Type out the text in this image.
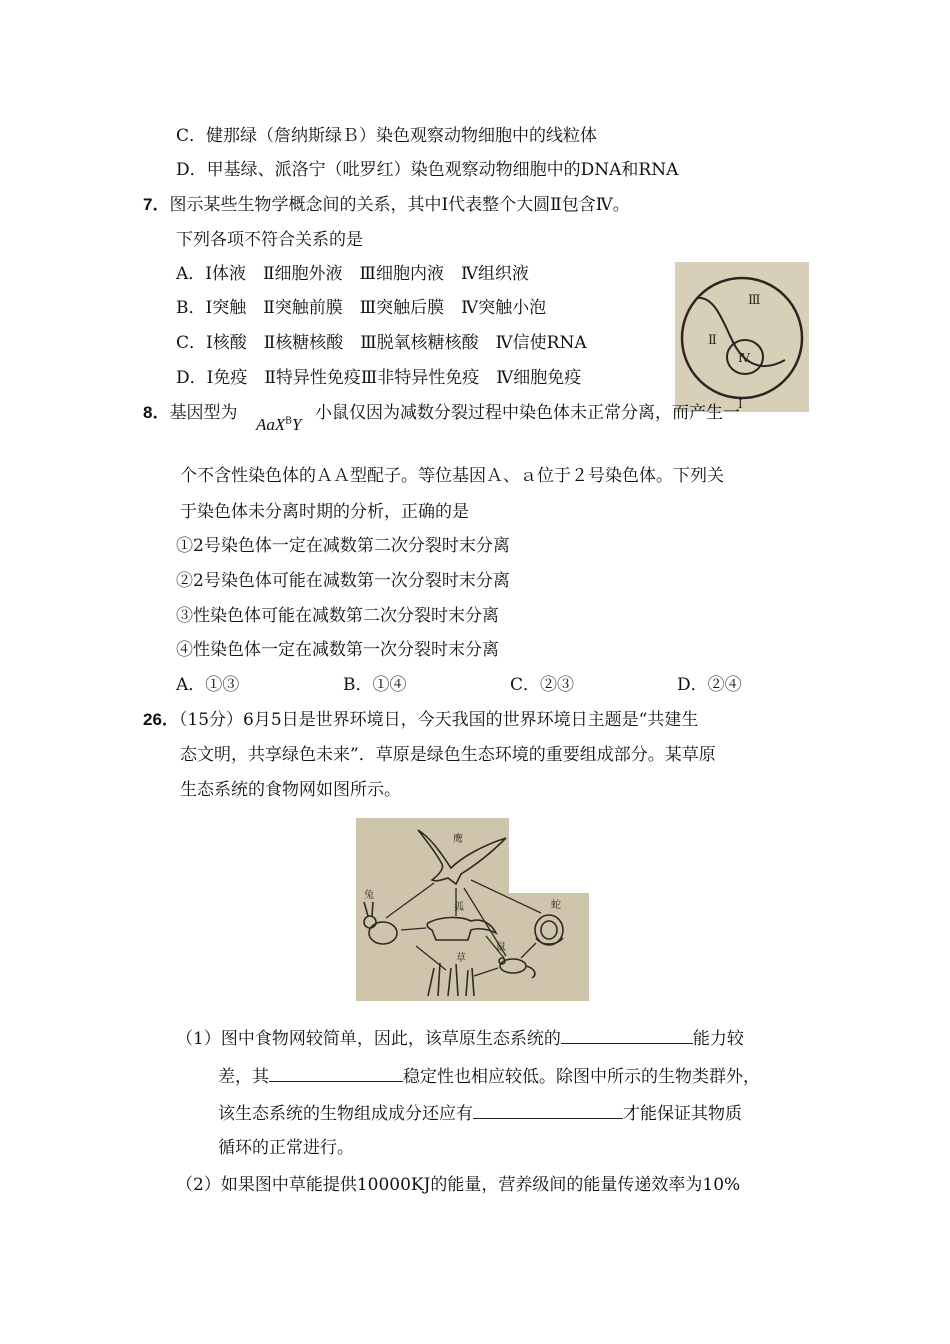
C．健那绿（詹纳斯绿Ｂ）染色观察动物细胞中的线粒体
D．甲基绿、派洛宁（吡罗红）染色观察动物细胞中的DNA和RNA
7．图示某些生物学概念间的关系，其中Ⅰ代表整个大圆Ⅱ包含Ⅳ。
下列各项不符合关系的是
A．Ⅰ体液　Ⅱ细胞外液　Ⅲ细胞内液　Ⅳ组织液
B．Ⅰ突触　Ⅱ突触前膜　Ⅲ突触后膜　Ⅳ突触小泡
C．Ⅰ核酸　Ⅱ核糖核酸　Ⅲ脱氧核糖核酸　Ⅳ信使RNA
D．Ⅰ免疫　Ⅱ特异性免疫Ⅲ非特异性免疫　Ⅳ细胞免疫
Ⅲ
Ⅱ
Ⅳ
Ⅰ
8．基因型为
AaX$^B$Y
小鼠仅因为减数分裂过程中染色体未正常分离，而产生一
个不含性染色体的ＡＡ型配子。等位基因Ａ、ａ位于２号染色体。下列关
于染色体未分离时期的分析，正确的是
①2号染色体一定在减数第二次分裂时末分离
②2号染色体可能在减数第一次分裂时末分离
③性染色体可能在减数第二次分裂时末分离
④性染色体一定在减数第一次分裂时末分离
A．①③	B．①④	C．②③	D．②④
26．（15分）6月5日是世界环境日，今天我国的世界环境日主题是“共建生
态文明，共享绿色未来”．草原是绿色生态环境的重要组成部分。某草原
生态系统的食物网如图所示。
鹰
兔
狐	蛇
鼠
草
（1）图中食物网较简单，因此，该草原生态系统的	能力较
差，其	稳定性也相应较低。除图中所示的生物类群外，
该生态系统的生物组成成分还应有	才能保证其物质
循环的正常进行。
（2）如果图中草能提供10000KJ的能量，营养级间的能量传递效率为10%
